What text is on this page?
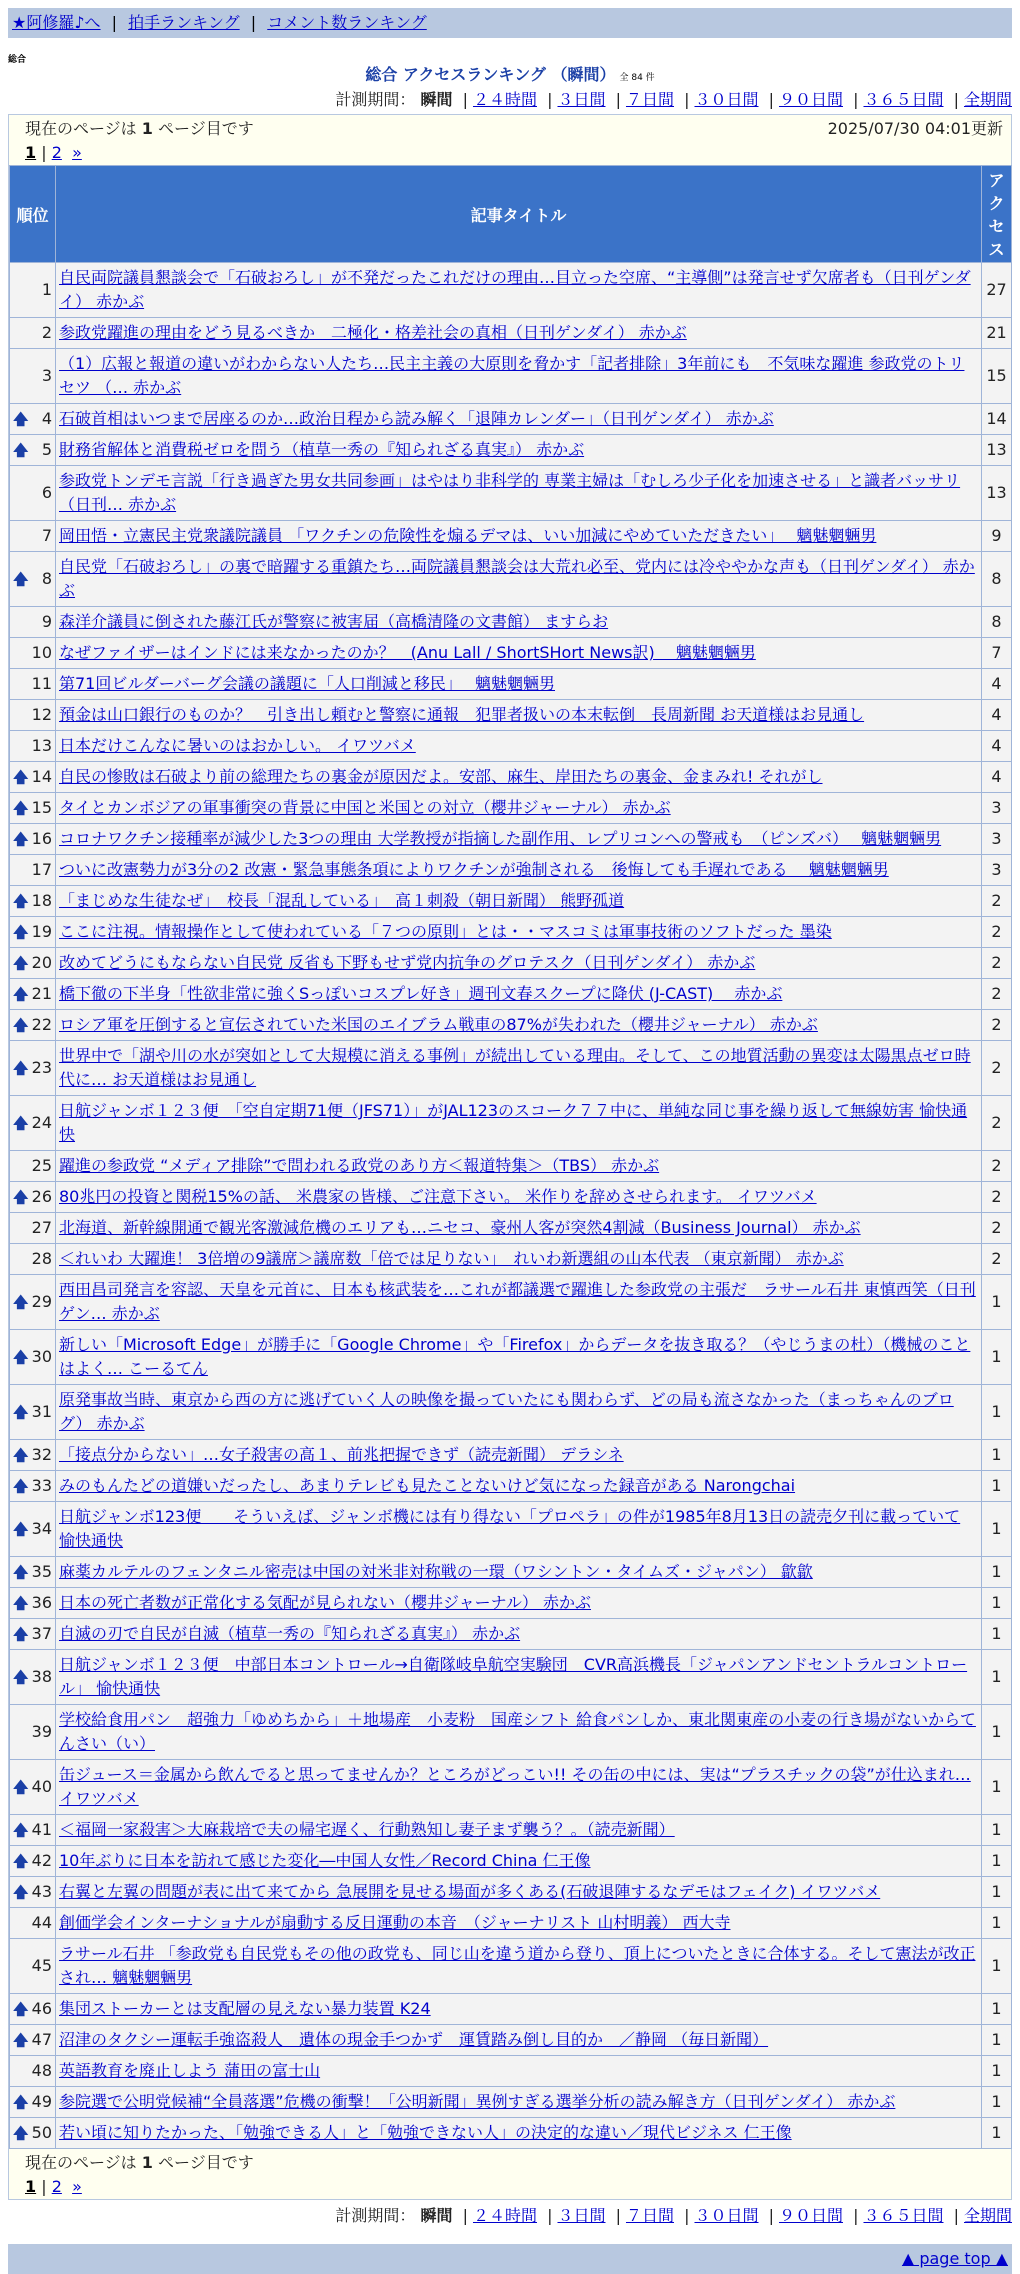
★阿修羅♪へ | 拍手ランキング | コメント数ランキング
総合
総合 アクセスランキング （瞬間） 全 84 件
計測期間： 瞬間 | ２４時間 | ３日間 | ７日間 | ３０日間 | ９０日間 | ３６５日間 | 全期間
現在のページは 1 ページ目です	2025/07/30 04:01更新
1 | 2 »
順位	記事タイトル	アクセス
1	自民両院議員懇談会で「石破おろし」が不発だったこれだけの理由…目立った空席、“主導側”は発言せず欠席者も（日刊ゲンダイ） 赤かぶ	27
2	参政党躍進の理由をどう見るべきか　二極化・格差社会の真相（日刊ゲンダイ） 赤かぶ	21
3	（1）広報と報道の違いがわからない人たち…民主主義の大原則を脅かす「記者排除」3年前にも　不気味な躍進 参政党のトリセツ （… 赤かぶ	15

🡅 4	石破首相はいつまで居座るのか…政治日程から読み解く「退陣カレンダー」（日刊ゲンダイ） 赤かぶ	14

🡅 5	財務省解体と消費税ゼロを問う（植草一秀の『知られざる真実』） 赤かぶ	13
6	参政党トンデモ言説「行き過ぎた男女共同参画」はやはり非科学的 専業主婦は「むしろ少子化を加速させる」と識者バッサリ（日刊… 赤かぶ	13
7	岡田悟・立憲民主党衆議院議員 「ワクチンの危険性を煽るデマは、いい加減にやめていただきたい」　 魑魅魍魎男	9

🡅 8	自民党「石破おろし」の裏で暗躍する重鎮たち…両院議員懇談会は大荒れ必至、党内には冷ややかな声も（日刊ゲンダイ） 赤かぶ	8
9	森洋介議員に倒された藤江氏が警察に被害届（高橋清隆の文書館） ますらお	8
10	なぜファイザーはインドには来なかったのか？　(Anu Lall / ShortSHort News訳)　 魑魅魍魎男	7
11	第71回ビルダーバーグ会議の議題に「人口削減と移民」　 魑魅魍魎男	4
12	預金は山口銀行のものか？　引き出し頼むと警察に通報　犯罪者扱いの本末転倒　長周新聞 お天道様はお見通し	4
13	日本だけこんなに暑いのはおかしい。 イワツバメ	4

🡅 14	自民の惨敗は石破より前の総理たちの裏金が原因だよ。安部、麻生、岸田たちの裏金、金まみれ! それがし	4

🡅 15	タイとカンボジアの軍事衝突の背景に中国と米国との対立（櫻井ジャーナル） 赤かぶ	3

🡅 16	コロナワクチン接種率が減少した3つの理由 大学教授が指摘した副作用、レプリコンへの警戒も　（ピンズバ）　 魑魅魍魎男	3
17	ついに改憲勢力が3分の2 改憲・緊急事態条項によりワクチンが強制される　後悔しても手遅れである　 魑魅魍魎男	3

🡅 18	「まじめな生徒なぜ」　校長「混乱している」　高１刺殺（朝日新聞） 熊野孤道	2

🡅 19	ここに注視。情報操作として使われている「７つの原則」とは・・マスコミは軍事技術のソフトだった 墨染	2

🡅 20	改めてどうにもならない自民党 反省も下野もせず党内抗争のグロテスク（日刊ゲンダイ） 赤かぶ	2

🡅 21	橋下徹の下半身「性欲非常に強くSっぽいコスプレ好き」週刊文春スクープに降伏 (J-CAST)　 赤かぶ	2

🡅 22	ロシア軍を圧倒すると宣伝されていた米国のエイブラム戦車の87%が失われた（櫻井ジャーナル） 赤かぶ	2

🡅 23	世界中で「湖や川の水が突如として大規模に消える事例」が続出している理由。そして、この地質活動の異変は太陽黒点ゼロ時代に… お天道様はお見通し	2

🡅 24	日航ジャンボ１２３便　「空自定期71便（JFS71）」がJAL123のスコーク７７中に、単純な同じ事を繰り返して無線妨害 愉快通快	2
25	躍進の参政党 “メディア排除”で問われる政党のあり方＜報道特集＞（TBS） 赤かぶ	2

🡅 26	80兆円の投資と関税15%の話、 米農家の皆様、ご注意下さい。 米作りを辞めさせられます。 イワツバメ	2
27	北海道、新幹線開通で観光客激減危機のエリアも…ニセコ、豪州人客が突然4割減（Business Journal） 赤かぶ	2
28	＜れいわ 大躍進！ 3倍増の9議席＞議席数「倍では足りない」　れいわ新選組の山本代表 （東京新聞） 赤かぶ	2

🡅 29	西田昌司発言を容認、天皇を元首に、日本も核武装を…これが都議選で躍進した参政党の主張だ　ラサール石井 東慎西笑（日刊ゲン… 赤かぶ	1

🡅 30	新しい「Microsoft Edge」が勝手に「Google Chrome」や「Firefox」からデータを抜き取る？（やじうまの杜）（機械のことはよく… こーるてん	1

🡅 31	原発事故当時、東京から西の方に逃げていく人の映像を撮っていたにも関わらず、どの局も流さなかった（まっちゃんのブログ） 赤かぶ	1

🡅 32	「接点分からない」…女子殺害の高１、前兆把握できず（読売新聞） デラシネ	1

🡅 33	みのもんたどの道嫌いだったし、あまりテレビも見たことないけど気になった録音がある Narongchai	1

🡅 34	日航ジャンボ123便　　そういえば、ジャンボ機には有り得ない「プロペラ」の件が1985年8月13日の読売夕刊に載っていて 愉快通快	1

🡅 35	麻薬カルテルのフェンタニル密売は中国の対米非対称戦の一環（ワシントン・タイムズ・ジャパン） 歙歙	1

🡅 36	日本の死亡者数が正常化する気配が見られない（櫻井ジャーナル） 赤かぶ	1

🡅 37	自滅の刃で自民が自滅（植草一秀の『知られざる真実』） 赤かぶ	1

🡅 38	日航ジャンボ１２３便　中部日本コントロール→自衛隊岐阜航空実験団　CVR高浜機長「ジャパンアンドセントラルコントロール」 愉快通快	1
39	学校給食用パン　超強力「ゆめちから」＋地場産　小麦粉　国産シフト 給食パンしか、東北関東産の小麦の行き場がないからてんさい（い）	1

🡅 40	缶ジュース＝金属から飲んでると思ってませんか？ところがどっこい!! その缶の中には、実は“プラスチックの袋”が仕込まれ… イワツバメ	1

🡅 41	＜福岡一家殺害＞大麻栽培で夫の帰宅遅く、行動熟知し妻子まず襲う？。（読売新聞）	1

🡅 42	10年ぶりに日本を訪れて感じた変化―中国人女性／Record China 仁王像	1

🡅 43	右翼と左翼の問題が表に出て来てから 急展開を見せる場面が多くある(石破退陣するなデモはフェイク) イワツバメ	1
44	創価学会インターナショナルが扇動する反日運動の本音　（ジャーナリスト 山村明義） 西大寺	1
45	ラサール石井 「参政党も自民党もその他の政党も、同じ山を違う道から登り、頂上についたときに合体する。そして憲法が改正され… 魑魅魍魎男	1

🡅 46	集団ストーカーとは支配層の見えない暴力装置 K24	1

🡅 47	沼津のタクシー運転手強盗殺人　遺体の現金手つかず　運賃踏み倒し目的か　／静岡 （毎日新聞）	1
48	英語教育を廃止しよう 蒲田の富士山	1

🡅 49	参院選で公明党候補“全員落選”危機の衝撃！「公明新聞」異例すぎる選挙分析の読み解き方（日刊ゲンダイ） 赤かぶ	1

🡅 50	若い頃に知りたかった、「勉強できる人」と「勉強できない人」の決定的な違い／現代ビジネス 仁王像	1
現在のページは 1 ページ目です
1 | 2 »
計測期間： 瞬間 | ２４時間 | ３日間 | ７日間 | ３０日間 | ９０日間 | ３６５日間 | 全期間
▲ page top ▲
